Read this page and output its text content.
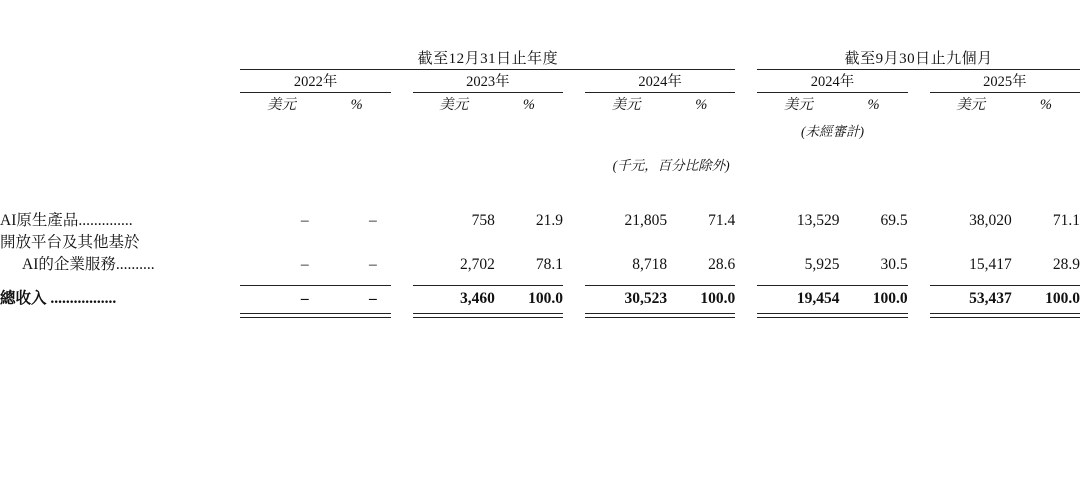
	截至12月31日止年度									截至9月30日止九個月				

	2022年			2023年			2024年			2024年			2025年	

	美元	%		美元	%		美元	%		美元	%		美元	%
										(未經審計)				
							(千元，百分比除外)							

AI原生產品..............	–	–		758	21.9		21,805	71.4		13,529	69.5		38,020	71.1
開放平台及其他基於														
AI的企業服務..........	–	–		2,702	78.1		8,718	28.6		5,925	30.5		15,417	28.9

總收入 .................	–	–		3,460	100.0		30,523	100.0		19,454	100.0		53,437	100.0
